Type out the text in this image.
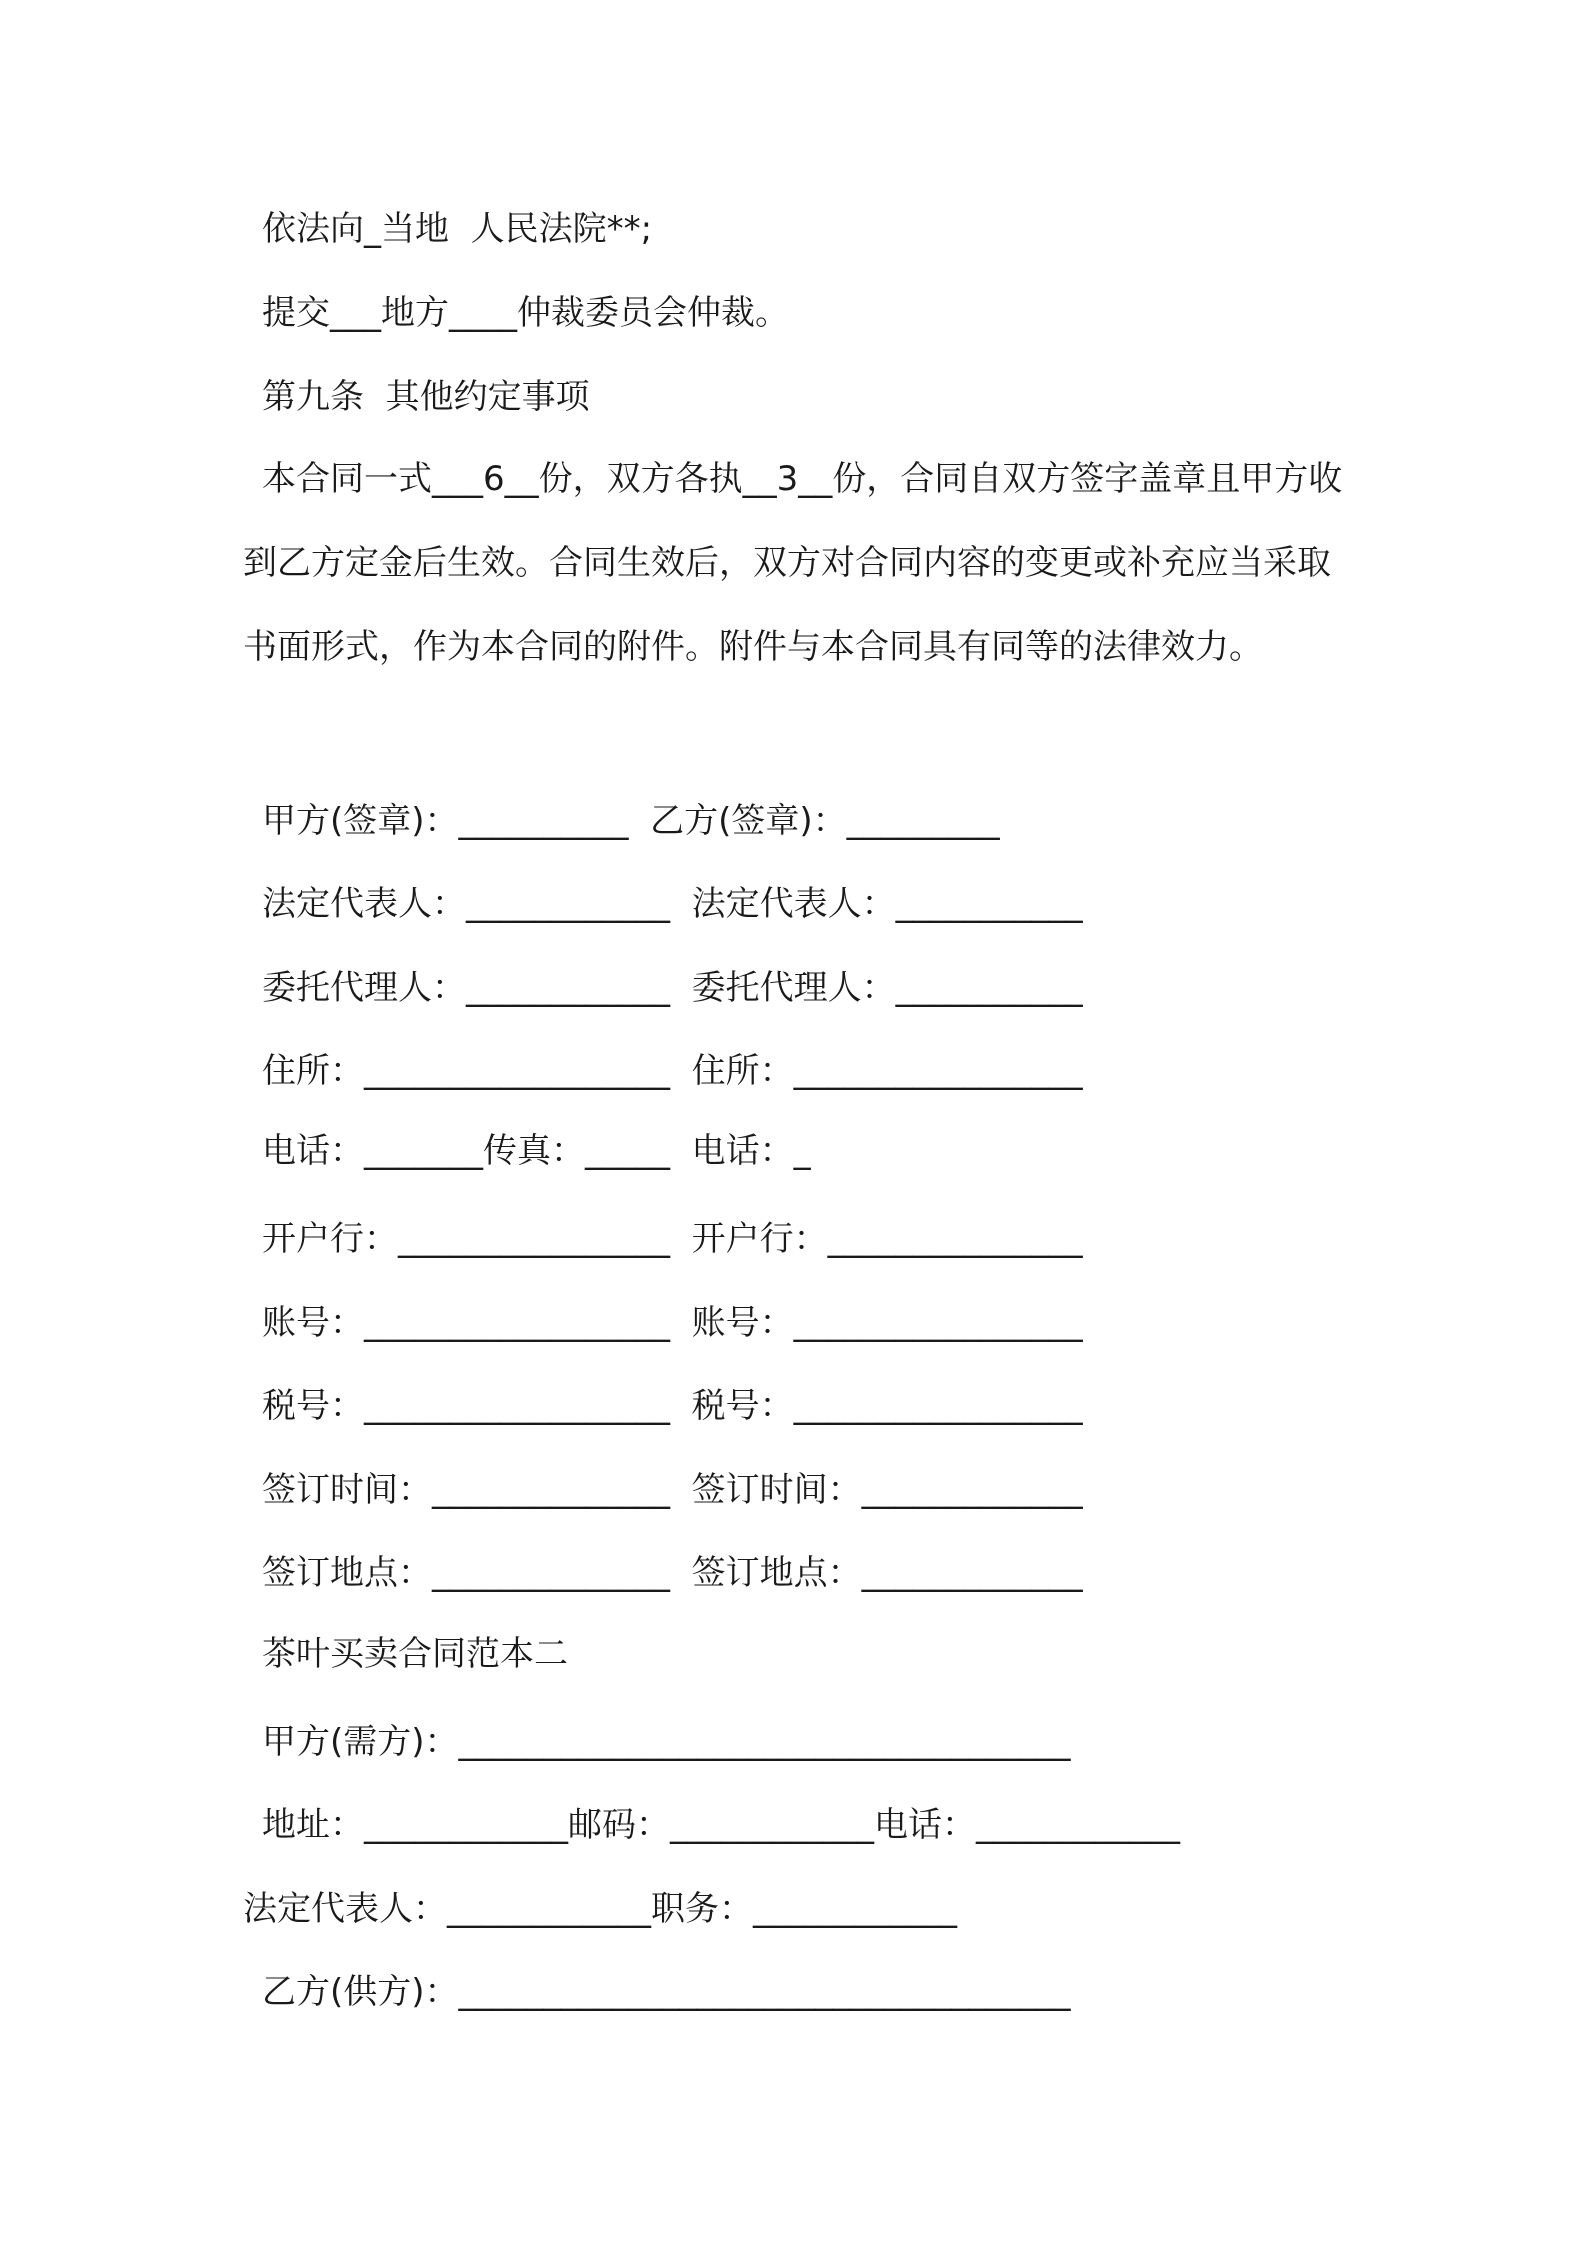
依法向_当地  人民法院**;
提交___地方____仲裁委员会仲裁。
第九条  其他约定事项
本合同一式___6__份，双方各执__3__份，合同自双方签字盖章且甲方收到乙方定金后生效。合同生效后，双方对合同内容的变更或补充应当采取书面形式，作为本合同的附件。附件与本合同具有同等的法律效力。
甲方(签章)：__________  乙方(签章)：_________
法定代表人：____________  法定代表人：___________
委托代理人：____________  委托代理人：___________
住所：__________________  住所：_________________
电话：_______传真：_____  电话：_
开户行：________________  开户行：_______________
账号：__________________  账号：_________________
税号：__________________  税号：_________________
签订时间：______________  签订时间：_____________
签订地点：______________  签订地点：_____________
茶叶买卖合同范本二
甲方(需方)：____________________________________
地址：____________邮码：____________电话：____________
法定代表人：____________职务：____________
乙方(供方)：____________________________________
